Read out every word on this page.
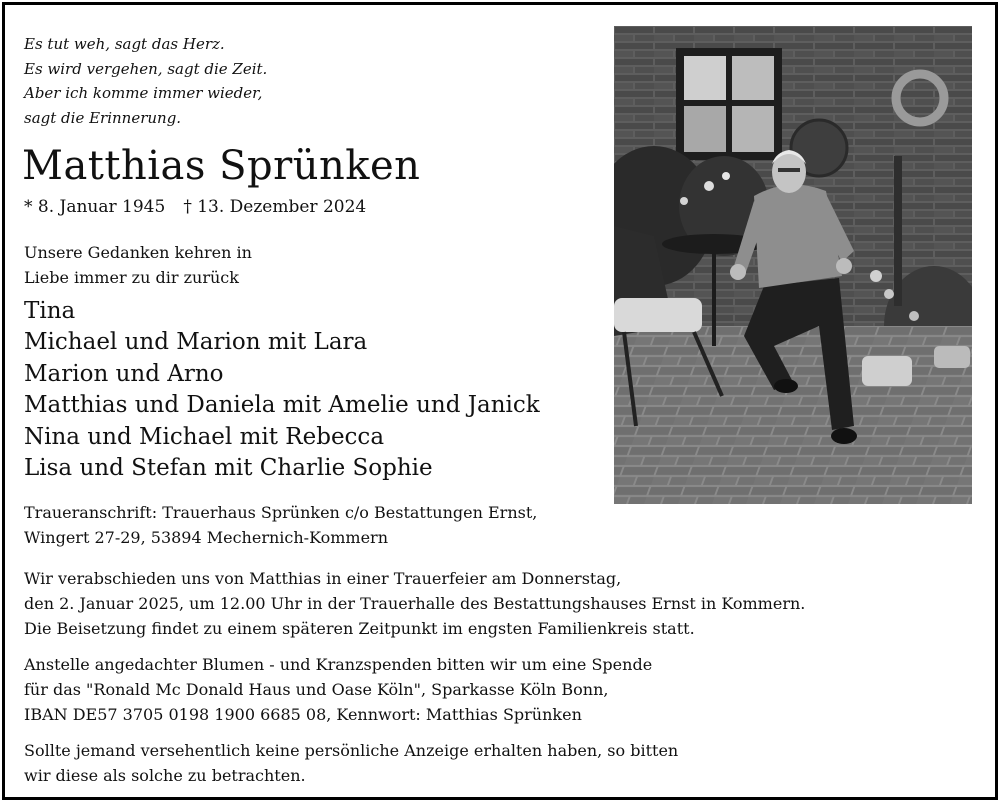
Es tut weh, sagt das Herz.
Es wird vergehen, sagt die Zeit.
Aber ich komme immer wieder,
sagt die Erinnerung.
Matthias Sprünken
* 8. Januar 1945 † 13. Dezember 2024
Unsere Gedanken kehren in
Liebe immer zu dir zurück
Tina
Michael und Marion mit Lara
Marion und Arno
Matthias und Daniela mit Amelie und Janick
Nina und Michael mit Rebecca
Lisa und Stefan mit Charlie Sophie
Traueranschrift: Trauerhaus Sprünken c/o Bestattungen Ernst,
Wingert 27-29, 53894 Mechernich-Kommern
Wir verabschieden uns von Matthias in einer Trauerfeier am Donnerstag,
den 2. Januar 2025, um 12.00 Uhr in der Trauerhalle des Bestattungshauses Ernst in Kommern.
Die Beisetzung findet zu einem späteren Zeitpunkt im engsten Familienkreis statt.
Anstelle angedachter Blumen - und Kranzspenden bitten wir um eine Spende
für das "Ronald Mc Donald Haus und Oase Köln", Sparkasse Köln Bonn,
IBAN DE57 3705 0198 1900 6685 08, Kennwort: Matthias Sprünken
Sollte jemand versehentlich keine persönliche Anzeige erhalten haben, so bitten
wir diese als solche zu betrachten.
